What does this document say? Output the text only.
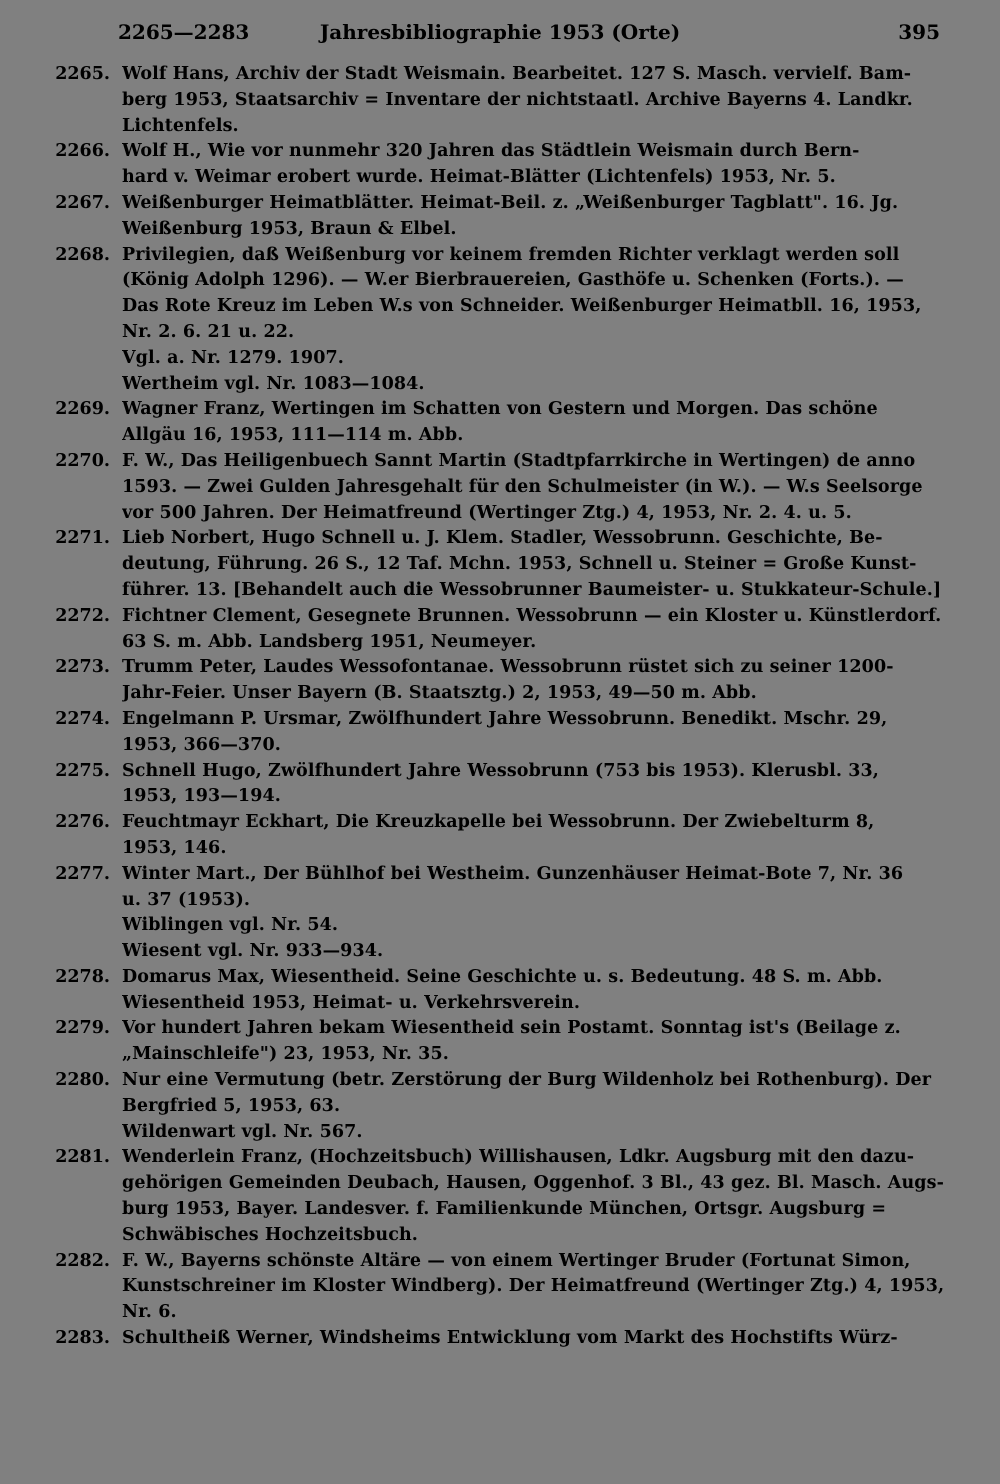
2265—2283	Jahresbibliographie 1953 (Orte)	395
2265. Wolf Hans, Archiv der Stadt Weismain. Bearbeitet. 127 S. Masch. vervielf. Bam-
berg 1953, Staatsarchiv = Inventare der nichtstaatl. Archive Bayerns 4. Landkr.
Lichtenfels.
2266. Wolf H., Wie vor nunmehr 320 Jahren das Städtlein Weismain durch Bern-
hard v. Weimar erobert wurde. Heimat-Blätter (Lichtenfels) 1953, Nr. 5.
2267. Weißenburger Heimatblätter. Heimat-Beil. z. „Weißenburger Tagblatt". 16. Jg.
Weißenburg 1953, Braun & Elbel.
2268. Privilegien, daß Weißenburg vor keinem fremden Richter verklagt werden soll
(König Adolph 1296). — W.er Bierbrauereien, Gasthöfe u. Schenken (Forts.). —
Das Rote Kreuz im Leben W.s von Schneider. Weißenburger Heimatbll. 16, 1953,
Nr. 2. 6. 21 u. 22.
Vgl. a. Nr. 1279. 1907.
Wertheim vgl. Nr. 1083—1084.
2269. Wagner Franz, Wertingen im Schatten von Gestern und Morgen. Das schöne
Allgäu 16, 1953, 111—114 m. Abb.
2270. F. W., Das Heiligenbuech Sannt Martin (Stadtpfarrkirche in Wertingen) de anno
1593. — Zwei Gulden Jahresgehalt für den Schulmeister (in W.). — W.s Seelsorge
vor 500 Jahren. Der Heimatfreund (Wertinger Ztg.) 4, 1953, Nr. 2. 4. u. 5.
2271. Lieb Norbert, Hugo Schnell u. J. Klem. Stadler, Wessobrunn. Geschichte, Be-
deutung, Führung. 26 S., 12 Taf. Mchn. 1953, Schnell u. Steiner = Große Kunst-
führer. 13. [Behandelt auch die Wessobrunner Baumeister- u. Stukkateur-Schule.]
2272. Fichtner Clement, Gesegnete Brunnen. Wessobrunn — ein Kloster u. Künstlerdorf.
63 S. m. Abb. Landsberg 1951, Neumeyer.
2273. Trumm Peter, Laudes Wessofontanae. Wessobrunn rüstet sich zu seiner 1200-
Jahr-Feier. Unser Bayern (B. Staatsztg.) 2, 1953, 49—50 m. Abb.
2274. Engelmann P. Ursmar, Zwölfhundert Jahre Wessobrunn. Benedikt. Mschr. 29,
1953, 366—370.
2275. Schnell Hugo, Zwölfhundert Jahre Wessobrunn (753 bis 1953). Klerusbl. 33,
1953, 193—194.
2276. Feuchtmayr Eckhart, Die Kreuzkapelle bei Wessobrunn. Der Zwiebelturm 8,
1953, 146.
2277. Winter Mart., Der Bühlhof bei Westheim. Gunzenhäuser Heimat-Bote 7, Nr. 36
u. 37 (1953).
Wiblingen vgl. Nr. 54.
Wiesent vgl. Nr. 933—934.
2278. Domarus Max, Wiesentheid. Seine Geschichte u. s. Bedeutung. 48 S. m. Abb.
Wiesentheid 1953, Heimat- u. Verkehrsverein.
2279. Vor hundert Jahren bekam Wiesentheid sein Postamt. Sonntag ist's (Beilage z.
„Mainschleife") 23, 1953, Nr. 35.
2280. Nur eine Vermutung (betr. Zerstörung der Burg Wildenholz bei Rothenburg). Der
Bergfried 5, 1953, 63.
Wildenwart vgl. Nr. 567.
2281. Wenderlein Franz, (Hochzeitsbuch) Willishausen, Ldkr. Augsburg mit den dazu-
gehörigen Gemeinden Deubach, Hausen, Oggenhof. 3 Bl., 43 gez. Bl. Masch. Augs-
burg 1953, Bayer. Landesver. f. Familienkunde München, Ortsgr. Augsburg =
Schwäbisches Hochzeitsbuch.
2282. F. W., Bayerns schönste Altäre — von einem Wertinger Bruder (Fortunat Simon,
Kunstschreiner im Kloster Windberg). Der Heimatfreund (Wertinger Ztg.) 4, 1953,
Nr. 6.
2283. Schultheiß Werner, Windsheims Entwicklung vom Markt des Hochstifts Würz-
